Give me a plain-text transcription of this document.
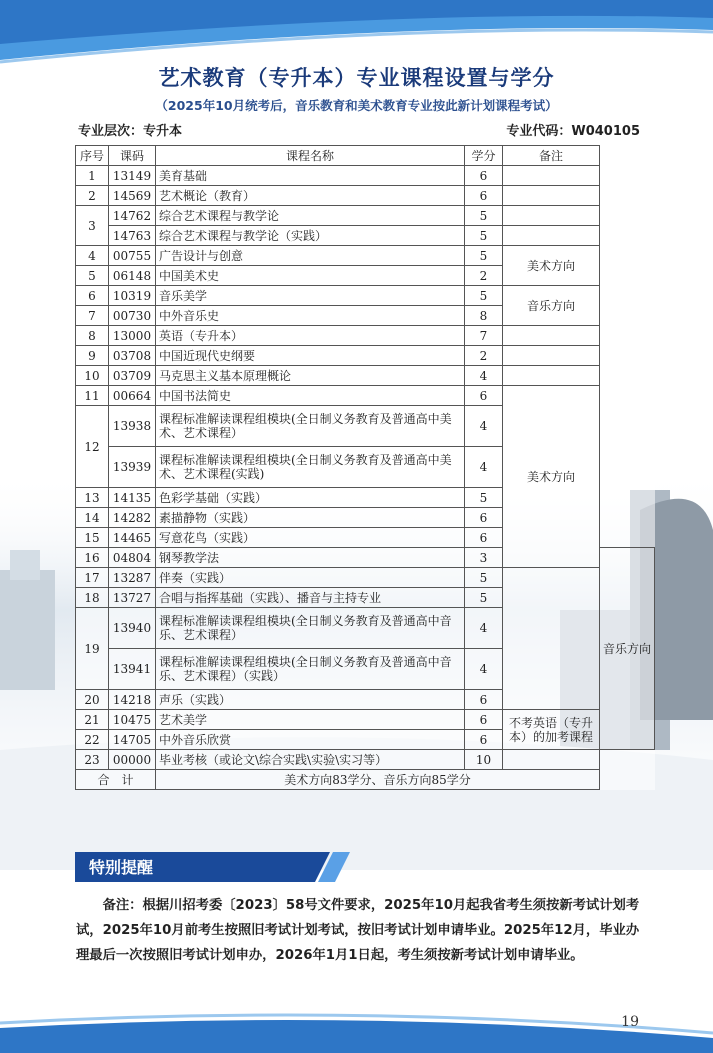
艺术教育（专升本）专业课程设置与学分
（2025年10月统考后，音乐教育和美术教育专业按此新计划课程考试）
专业层次：专升本	专业代码：W040105
序号	课码	课程名称	学分	备注	
1	13149	美育基础	6		
2	14569	艺术概论（教育）	6		
3	14762	综合艺术课程与教学论	5		
	14763	综合艺术课程与教学论（实践）	5		
4	00755	广告设计与创意	5	美术方向	
5	06148	中国美术史	2		
6	10319	音乐美学	5	音乐方向	
7	00730	中外音乐史	8		
8	13000	英语（专升本）	7		
9	03708	中国近现代史纲要	2		
10	03709	马克思主义基本原理概论	4		
11	00664	中国书法简史	6	美术方向	
12	13938	课程标准解读课程组模块(全日制义务教育及普通高中美术、艺术课程）	4		
	13939	课程标准解读课程组模块(全日制义务教育及普通高中美术、艺术课程(实践)	4		
13	14135	色彩学基础（实践）	5		
14	14282	素描静物（实践）	6		
15	14465	写意花鸟（实践）	6		
16	04804	钢琴教学法	3		音乐方向
17	13287	伴奏（实践）	5		
18	13727	合唱与指挥基础（实践）、播音与主持专业	5		
19	13940	课程标准解读课程组模块(全日制义务教育及普通高中音乐、艺术课程）	4		
	13941	课程标准解读课程组模块(全日制义务教育及普通高中音乐、艺术课程）（实践）	4		
20	14218	声乐（实践）	6		
21	10475	艺术美学	6	不考英语（专升本）的加考课程	
22	14705	中外音乐欣赏	6		
23	00000	毕业考核（或论文\综合实践\实验\实习等）	10		
合　计		美术方向83学分、音乐方向85学分			
特别提醒
备注：根据川招考委〔2023〕58号文件要求，2025年10月起我省考生须按新考试计划考试，2025年10月前考生按照旧考试计划考试，按旧考试计划申请毕业。2025年12月，毕业办理最后一次按照旧考试计划申办，2026年1月1日起，考生须按新考试计划申请毕业。
19
